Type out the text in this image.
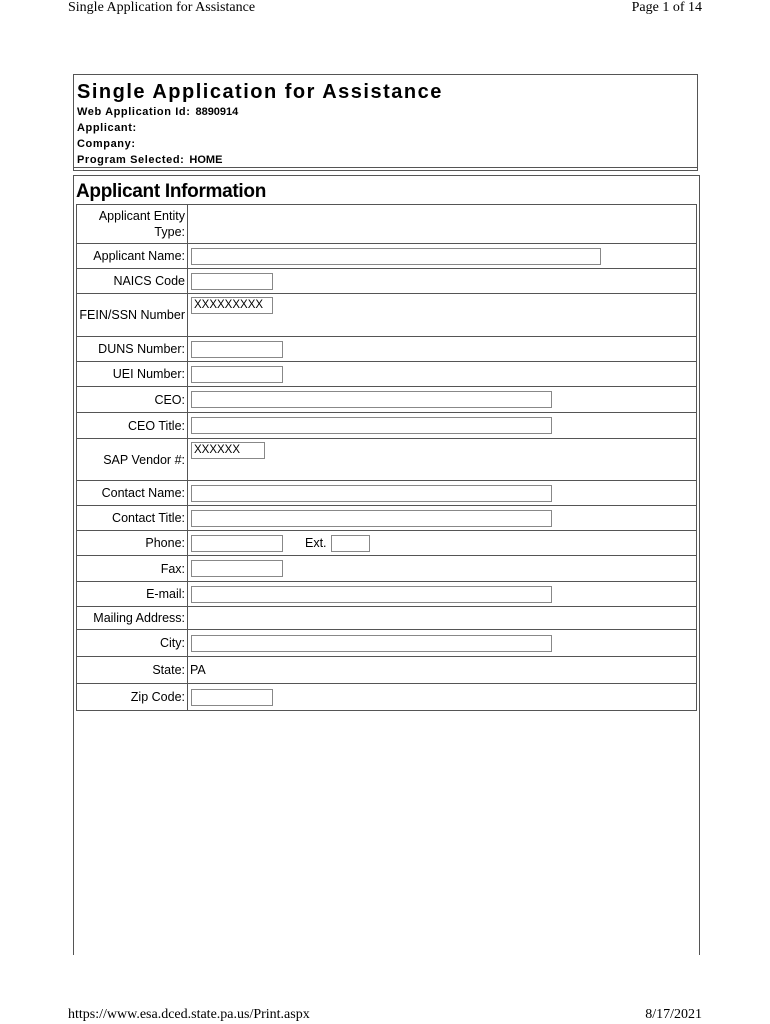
Single Application for Assistance	Page 1 of 14
Single Application for Assistance
Web Application Id: 8890914
Applicant:
Company:
Program Selected: HOME
Applicant Information
Applicant Entity Type:	
Applicant Name:	
NAICS Code	
FEIN/SSN Number	XXXXXXXXX
DUNS Number:	
UEI Number:	
CEO:	
CEO Title:	
SAP Vendor #:	XXXXXX
Contact Name:	
Contact Title:	
Phone:	Ext.
Fax:	
E-mail:	
Mailing Address:	
City:	
State:	PA
Zip Code:	
https://www.esa.dced.state.pa.us/Print.aspx	8/17/2021
